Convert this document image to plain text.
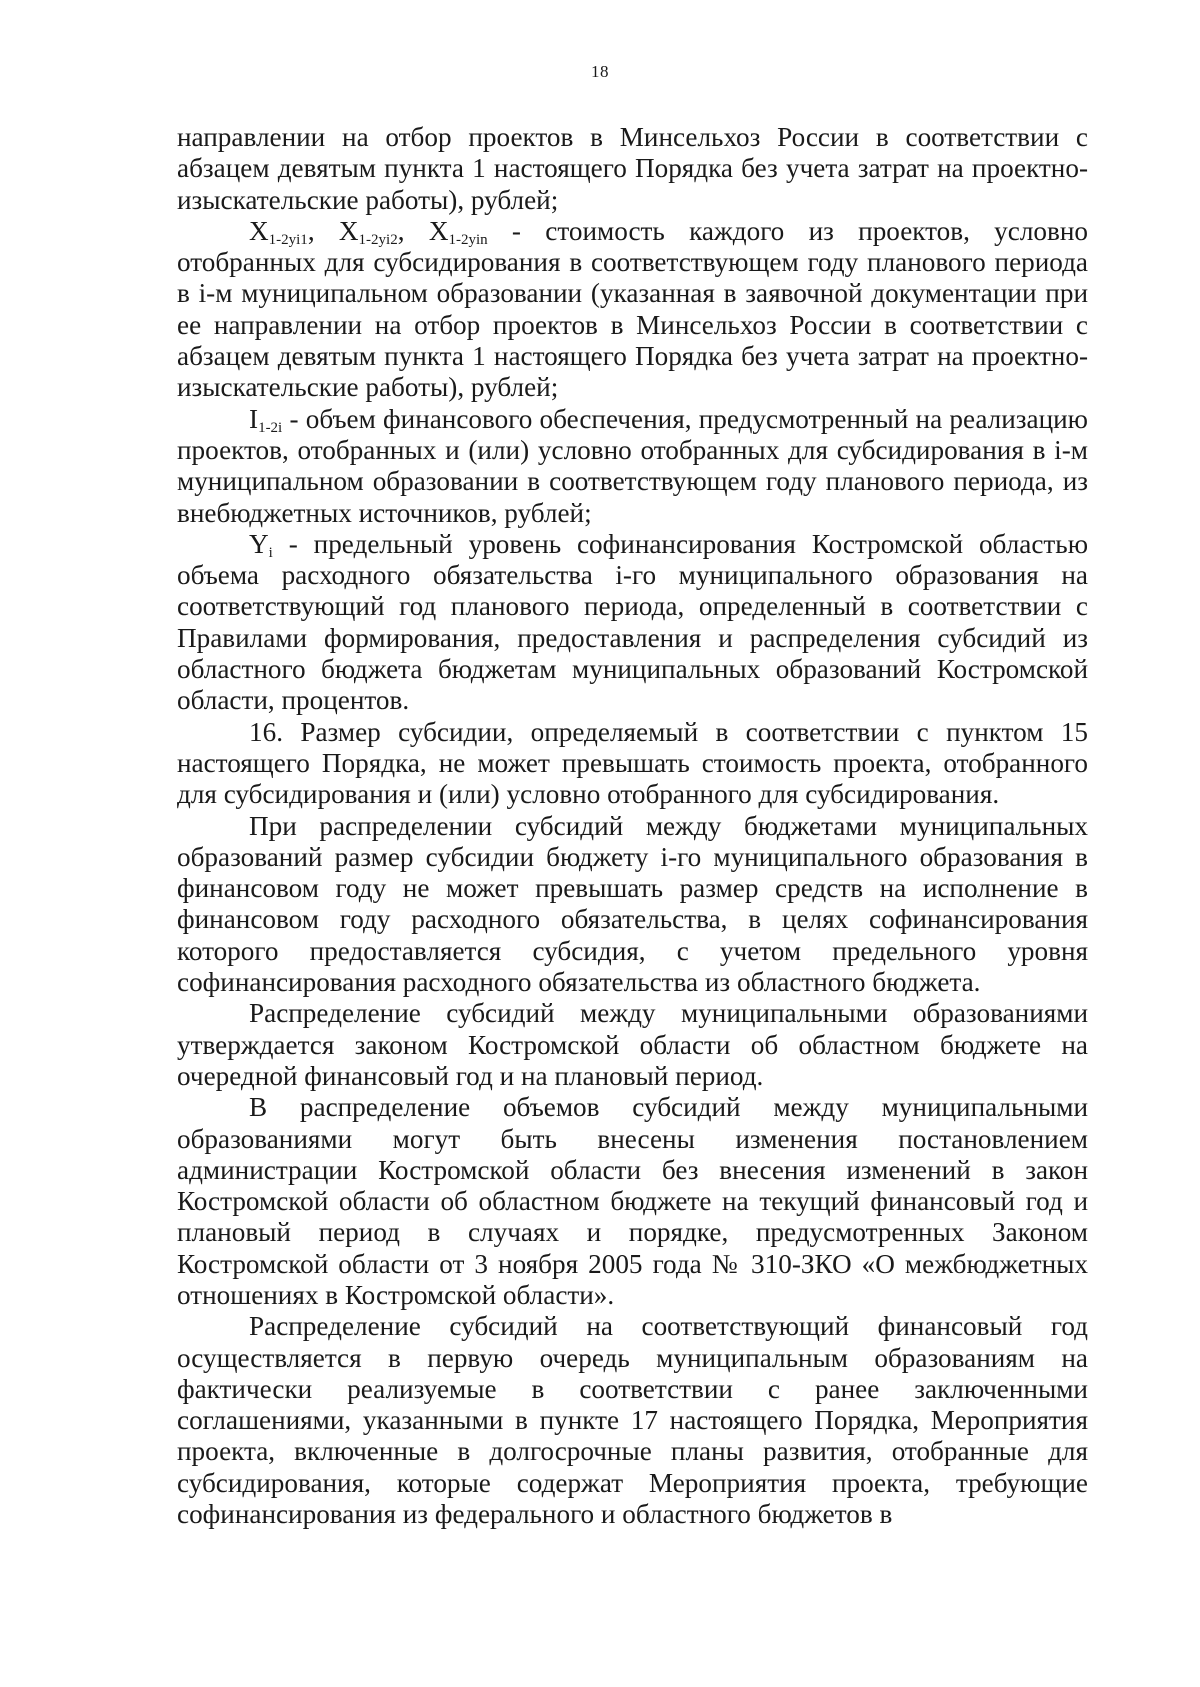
18

направлении на отбор проектов в Минсельхоз России в соответствии с абзацем девятым пункта 1 настоящего Порядка без учета затрат на проектно-изыскательские работы), рублей;

$X_{1-2yi1}$, $X_{1-2yi2}$, $X_{1-2yin}$ - стоимость каждого из проектов, условно отобранных для субсидирования в соответствующем году планового периода в i-м муниципальном образовании (указанная в заявочной документации при ее направлении на отбор проектов в Минсельхоз России в соответствии с абзацем девятым пункта 1 настоящего Порядка без учета затрат на проектно-изыскательские работы), рублей;

$I_{1-2i}$ - объем финансового обеспечения, предусмотренный на реализацию проектов, отобранных и (или) условно отобранных для субсидирования в i-м муниципальном образовании в соответствующем году планового периода, из внебюджетных источников, рублей;

$Y_i$ - предельный уровень софинансирования Костромской областью объема расходного обязательства i-го муниципального образования на соответствующий год планового периода, определенный в соответствии с Правилами формирования, предоставления и распределения субсидий из областного бюджета бюджетам муниципальных образований Костромской области, процентов.

16. Размер субсидии, определяемый в соответствии с пунктом 15 настоящего Порядка, не может превышать стоимость проекта, отобранного для субсидирования и (или) условно отобранного для субсидирования.

При распределении субсидий между бюджетами муниципальных образований размер субсидии бюджету i-го муниципального образования в финансовом году не может превышать размер средств на исполнение в финансовом году расходного обязательства, в целях софинансирования которого предоставляется субсидия, с учетом предельного уровня софинансирования расходного обязательства из областного бюджета.

Распределение субсидий между муниципальными образованиями утверждается законом Костромской области об областном бюджете на очередной финансовый год и на плановый период.

В распределение объемов субсидий между муниципальными образованиями могут быть внесены изменения постановлением администрации Костромской области без внесения изменений в закон Костромской области об областном бюджете на текущий финансовый год и плановый период в случаях и порядке, предусмотренных Законом Костромской области от 3 ноября 2005 года № 310-ЗКО «О межбюджетных отношениях в Костромской области».

Распределение субсидий на соответствующий финансовый год осуществляется в первую очередь муниципальным образованиям на фактически реализуемые в соответствии с ранее заключенными соглашениями, указанными в пункте 17 настоящего Порядка, Мероприятия проекта, включенные в долгосрочные планы развития, отобранные для субсидирования, которые содержат Мероприятия проекта, требующие софинансирования из федерального и областного бюджетов в
